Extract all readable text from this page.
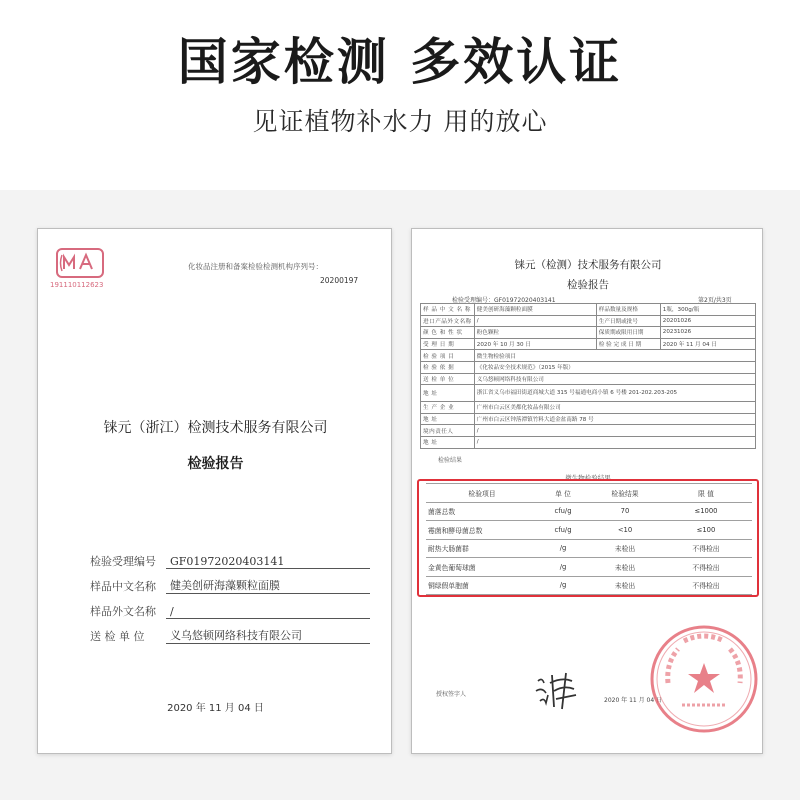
国家检测 多效认证
见证植物补水力 用的放心
191110112623
化妆品注册和备案检验检测机构序列号：
20200197
铼元（浙江）检测技术服务有限公司
检验报告
检验受理编号	GF01972020403141
样品中文名称	健美创研海藻颗粒面膜
样品外文名称	/
送 检 单 位	义乌悠顿网络科技有限公司
2020 年 11 月 04 日
铼元（检测）技术服务有限公司
检验报告
检验受理编号：GF01972020403141	第2页/共3页
样 品 中 文 名 称	健美创研海藻颗粒面膜	样品数量及规格	1瓶，300g/瓶
进口产品外文名称	/	生产日期或批号	20201026
颜 色 和 性 状	粉色颗粒	保质期或限用日期	20231026
受 理 日 期	2020 年 10 月 30 日	检 验 完 成 日 期	2020 年 11 月 04 日
检 验 项 目	微生物检验项目		
检 验 依 据	《化妆品安全技术规范》（2015 年版）		
送 检 单 位	义乌悠顿网络科技有限公司		
地 址	浙江省义乌市福田街道商城大道 315 号福通电商小镇 6 号楼 201-202.203-205		
生 产 企 业	广州市白云区美都化妆品有限公司		
地 址	广州市白云区钟落潭镇竹料大道金盆南路 78 号		
境内责任人	/		
地 址	/		
检验结果
微生物检验结果
检验项目	单 位	检验结果	限 值
菌落总数	cfu/g	70	≤1000
霉菌和酵母菌总数	cfu/g	<10	≤100
耐热大肠菌群	/g	未检出	不得检出
金黄色葡萄球菌	/g	未检出	不得检出
铜绿假单胞菌	/g	未检出	不得检出
授权签字人
2020 年 11 月 04 日
